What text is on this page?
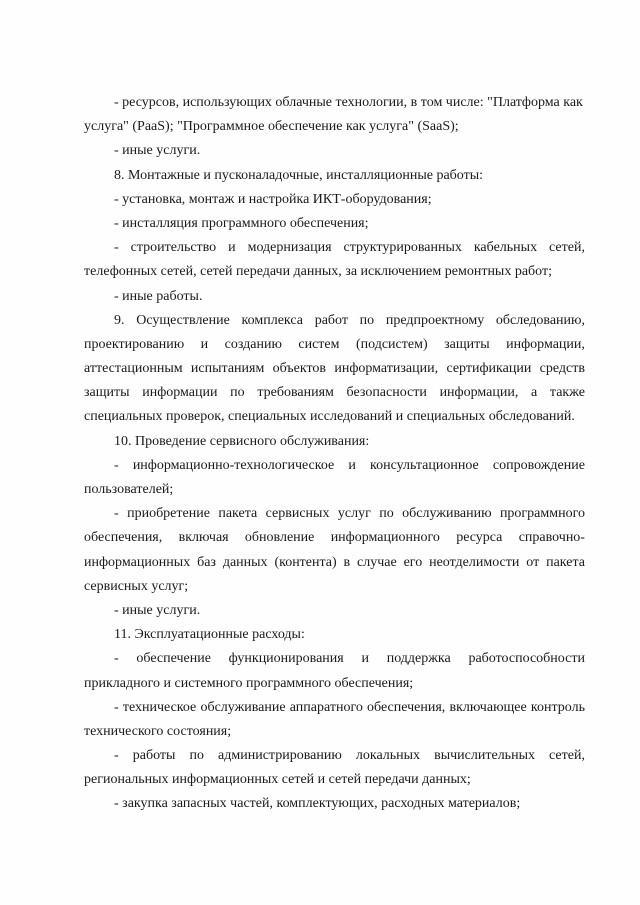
- ресурсов, использующих облачные технологии, в том числе: "Платформа как
услуга" (PaaS); "Программное обеспечение как услуга" (SaaS);
- иные услуги.
8. Монтажные и пусконаладочные, инсталляционные работы:
- установка, монтаж и настройка ИКТ-оборудования;
- инсталляция программного обеспечения;
- строительство и модернизация структурированных кабельных сетей,
телефонных сетей, сетей передачи данных, за исключением ремонтных работ;
- иные работы.
9. Осуществление комплекса работ по предпроектному обследованию,
проектированию и созданию систем (подсистем) защиты информации,
аттестационным испытаниям объектов информатизации, сертификации средств
защиты информации по требованиям безопасности информации, а также
специальных проверок, специальных исследований и специальных обследований.
10. Проведение сервисного обслуживания:
- информационно-технологическое и консультационное сопровождение
пользователей;
- приобретение пакета сервисных услуг по обслуживанию программного
обеспечения, включая обновление информационного ресурса справочно-
информационных баз данных (контента) в случае его неотделимости от пакета
сервисных услуг;
- иные услуги.
11. Эксплуатационные расходы:
- обеспечение функционирования и поддержка работоспособности
прикладного и системного программного обеспечения;
- техническое обслуживание аппаратного обеспечения, включающее контроль
технического состояния;
- работы по администрированию локальных вычислительных сетей,
региональных информационных сетей и сетей передачи данных;
- закупка запасных частей, комплектующих, расходных материалов;
